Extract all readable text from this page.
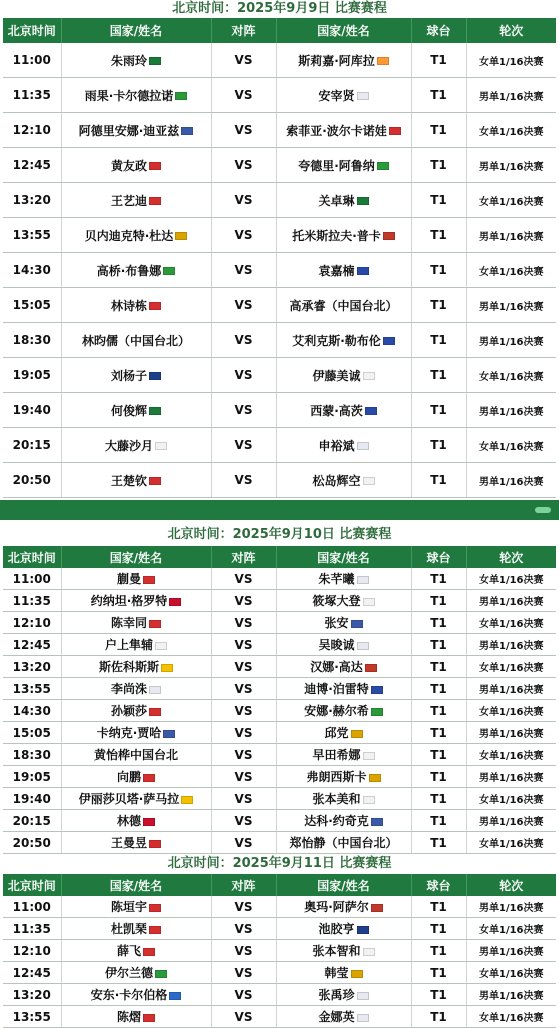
北京时间：2025年9月9日 比赛赛程
北京时间	国家/姓名	对阵	国家/姓名	球台	轮次
11:00	朱雨玲	VS	斯莉嘉·阿库拉	T1	女单1/16决赛
11:35	雨果·卡尔德拉诺	VS	安宰贤	T1	男单1/16决赛
12:10	阿德里安娜·迪亚兹	VS	索菲亚·波尔卡诺娃	T1	女单1/16决赛
12:45	黄友政	VS	夸德里·阿鲁纳	T1	男单1/16决赛
13:20	王艺迪	VS	关卓琳	T1	女单1/16决赛
13:55	贝内迪克特·杜达	VS	托米斯拉夫·普卡	T1	男单1/16决赛
14:30	高桥·布鲁娜	VS	袁嘉楠	T1	女单1/16决赛
15:05	林诗栋	VS	高承睿（中国台北）	T1	男单1/16决赛
18:30	林昀儒（中国台北）	VS	艾利克斯·勒布伦	T1	男单1/16决赛
19:05	刘杨子	VS	伊藤美诚	T1	女单1/16决赛
19:40	何俊辉	VS	西蒙·高茨	T1	男单1/16决赛
20:15	大藤沙月	VS	申裕斌	T1	女单1/16决赛
20:50	王楚钦	VS	松岛辉空	T1	男单1/16决赛
北京时间：2025年9月10日 比赛赛程
北京时间	国家/姓名	对阵	国家/姓名	球台	轮次
11:00	蒯曼	VS	朱芊曦	T1	女单1/16决赛
11:35	约纳坦·格罗特	VS	筱塚大登	T1	男单1/16决赛
12:10	陈幸同	VS	张安	T1	女单1/16决赛
12:45	户上隼辅	VS	吴晙诚	T1	男单1/16决赛
13:20	斯佐科斯斯	VS	汉娜·高达	T1	女单1/16决赛
13:55	李尚洙	VS	迪博·泊雷特	T1	男单1/16决赛
14:30	孙颖莎	VS	安娜·赫尔希	T1	女单1/16决赛
15:05	卡纳克·贾哈	VS	邱党	T1	男单1/16决赛
18:30	黄怡桦中国台北	VS	早田希娜	T1	女单1/16决赛
19:05	向鹏	VS	弗朗西斯卡	T1	男单1/16决赛
19:40	伊丽莎贝塔·萨马拉	VS	张本美和	T1	女单1/16决赛
20:15	林德	VS	达科·约奇克	T1	男单1/16决赛
20:50	王曼昱	VS	郑怡静（中国台北）	T1	女单1/16决赛
北京时间：2025年9月11日 比赛赛程
北京时间	国家/姓名	对阵	国家/姓名	球台	轮次
11:00	陈垣宇	VS	奥玛·阿萨尔	T1	男单1/16决赛
11:35	杜凯琹	VS	池胶亨	T1	女单1/16决赛
12:10	薛飞	VS	张本智和	T1	男单1/16决赛
12:45	伊尔兰德	VS	韩莹	T1	女单1/16决赛
13:20	安东·卡尔伯格	VS	张禹珍	T1	男单1/16决赛
13:55	陈熠	VS	金娜英	T1	女单1/16决赛
